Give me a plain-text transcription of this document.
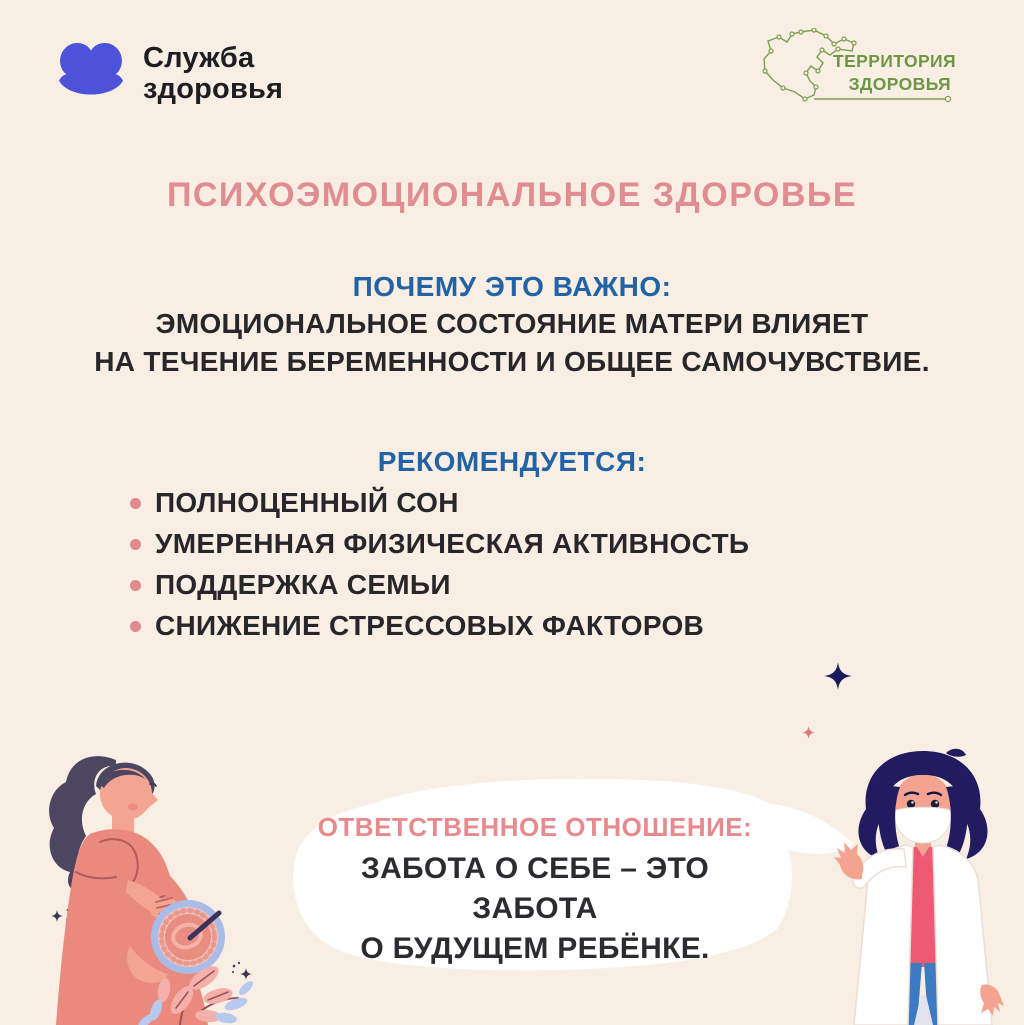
Служба
здоровья
ТЕРРИТОРИЯ
ЗДОРОВЬЯ
ПСИХОЭМОЦИОНАЛЬНОЕ ЗДОРОВЬЕ
ПОЧЕМУ ЭТО ВАЖНО:
ЭМОЦИОНАЛЬНОЕ СОСТОЯНИЕ МАТЕРИ ВЛИЯЕТ
НА ТЕЧЕНИЕ БЕРЕМЕННОСТИ И ОБЩЕЕ САМОЧУВСТВИЕ.
РЕКОМЕНДУЕТСЯ:
ПОЛНОЦЕННЫЙ СОН
УМЕРЕННАЯ ФИЗИЧЕСКАЯ АКТИВНОСТЬ
ПОДДЕРЖКА СЕМЬИ
СНИЖЕНИЕ СТРЕССОВЫХ ФАКТОРОВ
ОТВЕТСТВЕННОЕ ОТНОШЕНИЕ:
ЗАБОТА О СЕБЕ – ЭТО ЗАБОТА
О БУДУЩЕМ РЕБЁНКЕ.
